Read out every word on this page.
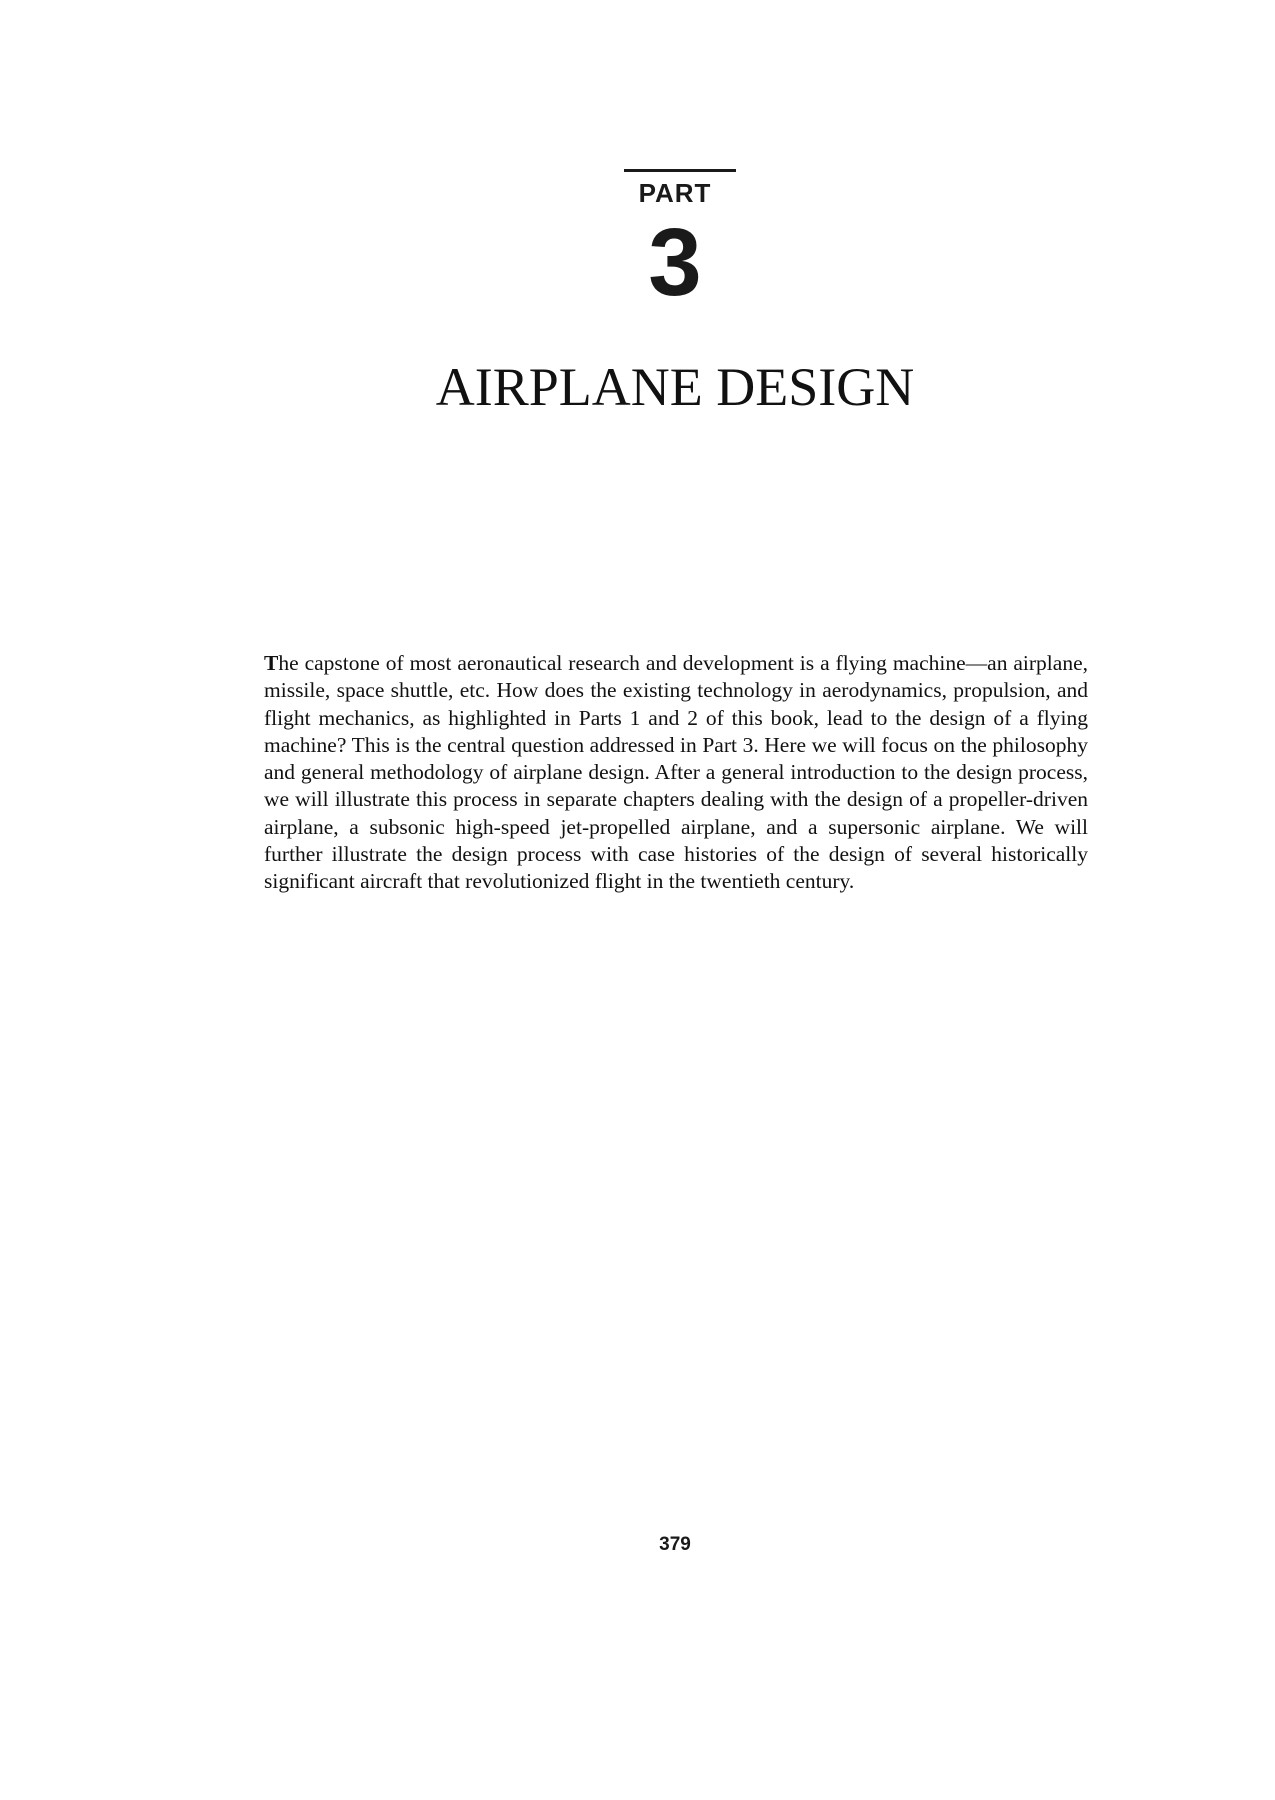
PART
3
AIRPLANE DESIGN

The capstone of most aeronautical research and development is a flying machine—an airplane, missile, space shuttle, etc. How does the existing technology in aerodynamics, propulsion, and flight mechanics, as highlighted in Parts 1 and 2 of this book, lead to the design of a flying machine? This is the central question addressed in Part 3. Here we will focus on the philosophy and general methodology of airplane design. After a general introduction to the design process, we will illustrate this process in separate chapters dealing with the design of a propeller-driven airplane, a subsonic high-speed jet-propelled airplane, and a supersonic airplane. We will further illustrate the design process with case histories of the design of several historically significant aircraft that revolutionized flight in the twentieth century.

379
